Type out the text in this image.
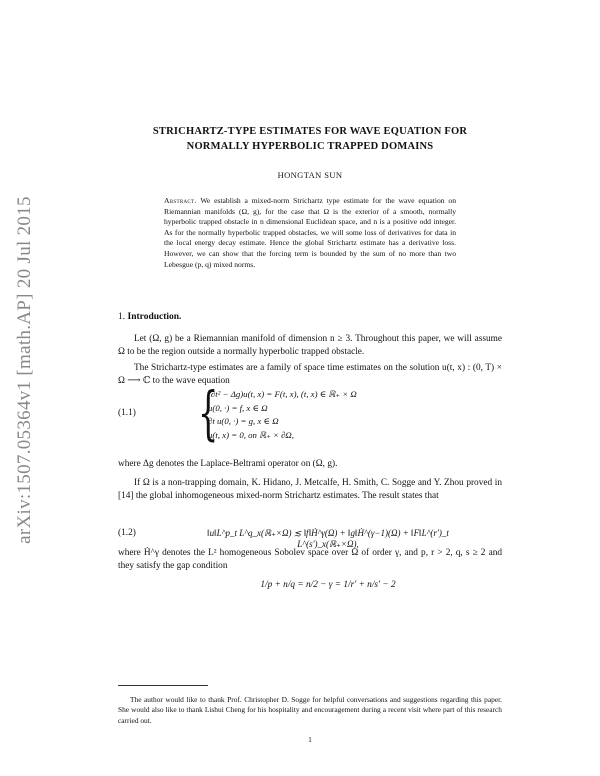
arXiv:1507.05364v1 [math.AP] 20 Jul 2015
STRICHARTZ-TYPE ESTIMATES FOR WAVE EQUATION FOR
NORMALLY HYPERBOLIC TRAPPED DOMAINS
HONGTAN SUN
Abstract. We establish a mixed-norm Strichartz type estimate for the wave equation on Riemannian manifolds (Ω, g), for the case that Ω is the exterior of a smooth, normally hyperbolic trapped obstacle in n dimensional Euclidean space, and n is a positive odd integer. As for the normally hyperbolic trapped obstacles, we will some loss of derivatives for data in the local energy decay estimate. Hence the global Strichartz estimate has a derivative loss. However, we can show that the forcing term is bounded by the sum of no more than two Lebesgue (p, q) mixed norms.
1. Introduction.
Let (Ω, g) be a Riemannian manifold of dimension n ≥ 3. Throughout this paper, we will assume Ω to be the region outside a normally hyperbolic trapped obstacle.
The Strichartz-type estimates are a family of space time estimates on the solution u(t, x) : (0, T) × Ω ⟶ ℂ to the wave equation
(1.1) {
(∂t² − Δg)u(t, x) = F(t, x), (t, x) ∈ ℝ₊ × Ω
u(0, ·) = f, x ∈ Ω
∂t u(0, ·) = g, x ∈ Ω
u(t, x) = 0, on ℝ₊ × ∂Ω,
where Δg denotes the Laplace-Beltrami operator on (Ω, g).
If Ω is a non-trapping domain, K. Hidano, J. Metcalfe, H. Smith, C. Sogge and Y. Zhou proved in [14] the global inhomogeneous mixed-norm Strichartz estimates. The result states that
(1.2)	‖u‖L^p_t L^q_x(ℝ₊×Ω) ≲ ‖f‖Ḣ^γ(Ω) + ‖g‖Ḣ^(γ−1)(Ω) + ‖F‖L^(r′)_t L^(s′)_x(ℝ₊×Ω),
where Ḣ^γ denotes the L² homogeneous Sobolev space over Ω of order γ, and p, r > 2, q, s ≥ 2 and they satisfy the gap condition
1/p + n/q = n/2 − γ = 1/r′ + n/s′ − 2
The author would like to thank Prof. Christopher D. Sogge for helpful conversations and suggestions regarding this paper. She would also like to thank Lishui Cheng for his hospitality and encouragement during a recent visit where part of this research carried out.
1
